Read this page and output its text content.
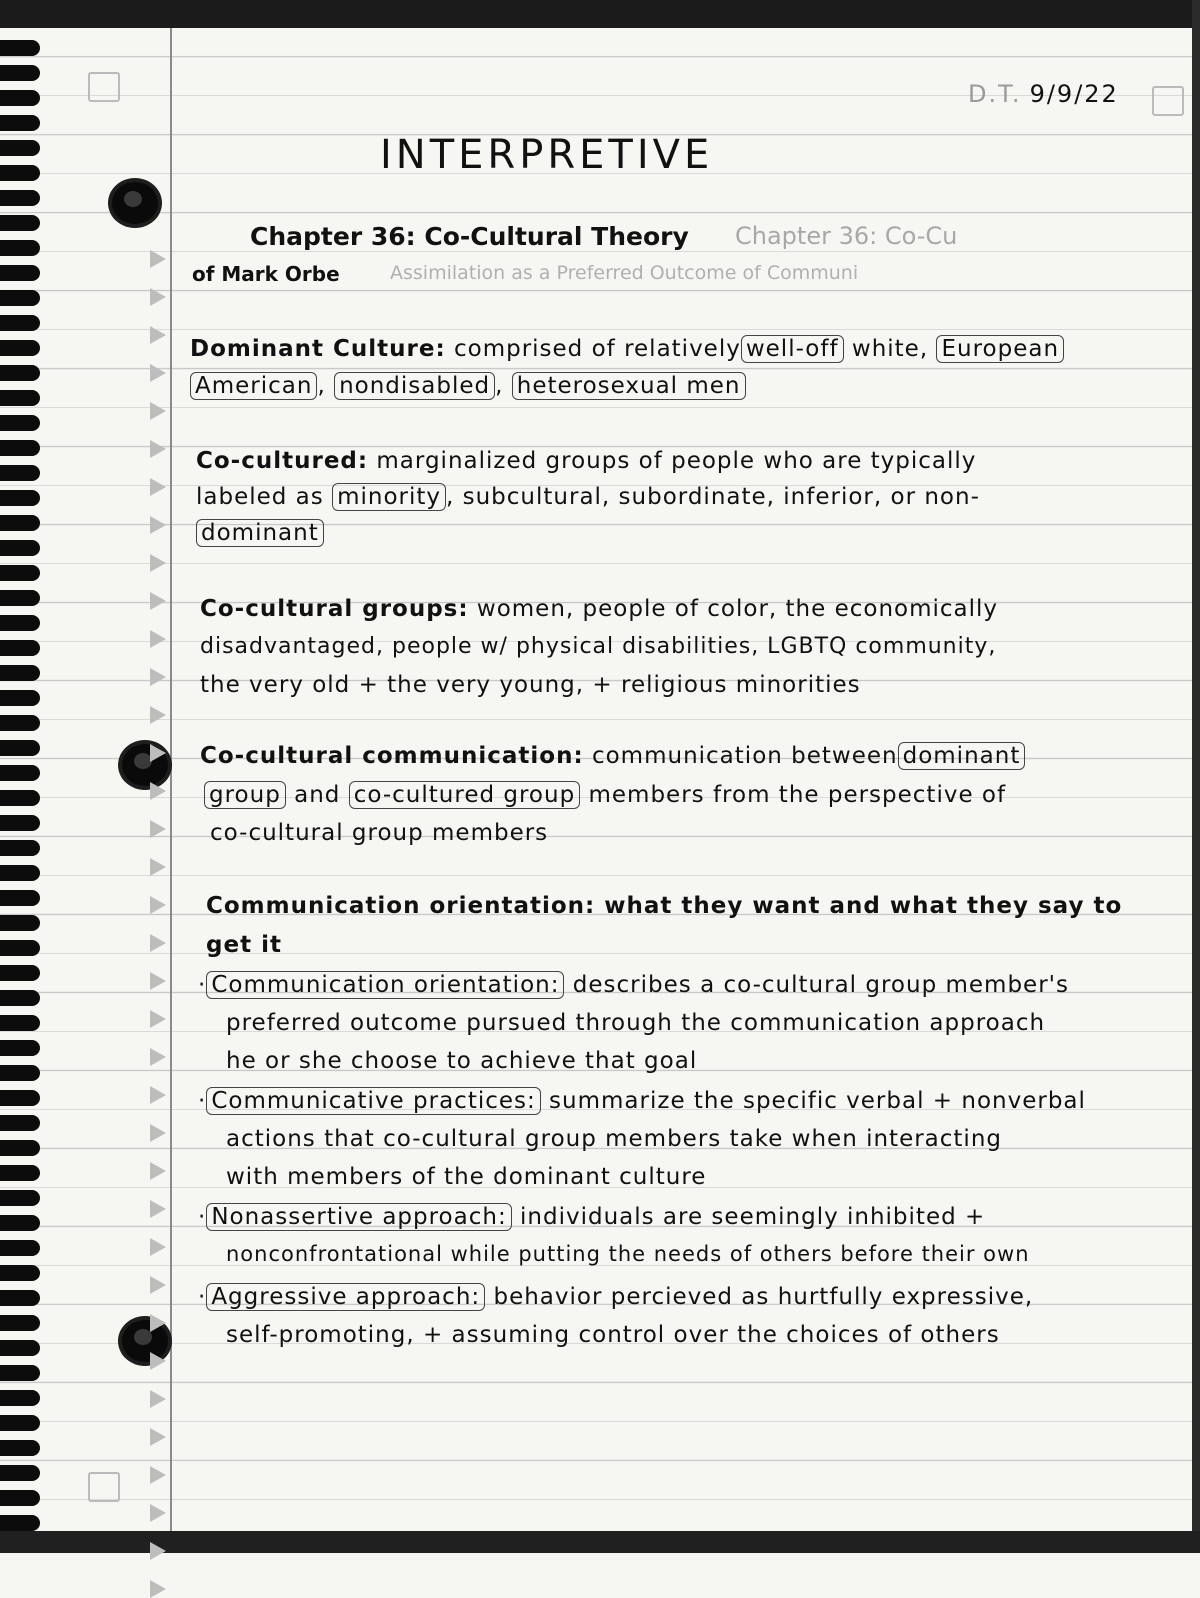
D.T. 9/9/22
INTERPRETIVE
Chapter 36: Co-Cultural Theory Chapter 36: Co-Cu
of Mark Orbe	Assimilation as a Preferred Outcome of Communi
Dominant Culture: comprised of relatively well-off white, European
American , nondisabled , heterosexual men
Co-cultured: marginalized groups of people who are typically
labeled as minority , subcultural, subordinate, inferior, or non-
dominant
Co-cultural groups: women, people of color, the economically
disadvantaged, people w/ physical disabilities, LGBTQ community,
the very old + the very young, + religious minorities
Co-cultural communication: communication between dominant
group and co-cultured group members from the perspective of
co-cultural group members
Communication orientation: what they want and what they say to
get it
· Communication orientation: describes a co-cultural group member's
preferred outcome pursued through the communication approach
he or she choose to achieve that goal
· Communicative practices: summarize the specific verbal + nonverbal
actions that co-cultural group members take when interacting
with members of the dominant culture
· Nonassertive approach: individuals are seemingly inhibited +
nonconfrontational while putting the needs of others before their own
· Aggressive approach: behavior percieved as hurtfully expressive,
self-promoting, + assuming control over the choices of others
